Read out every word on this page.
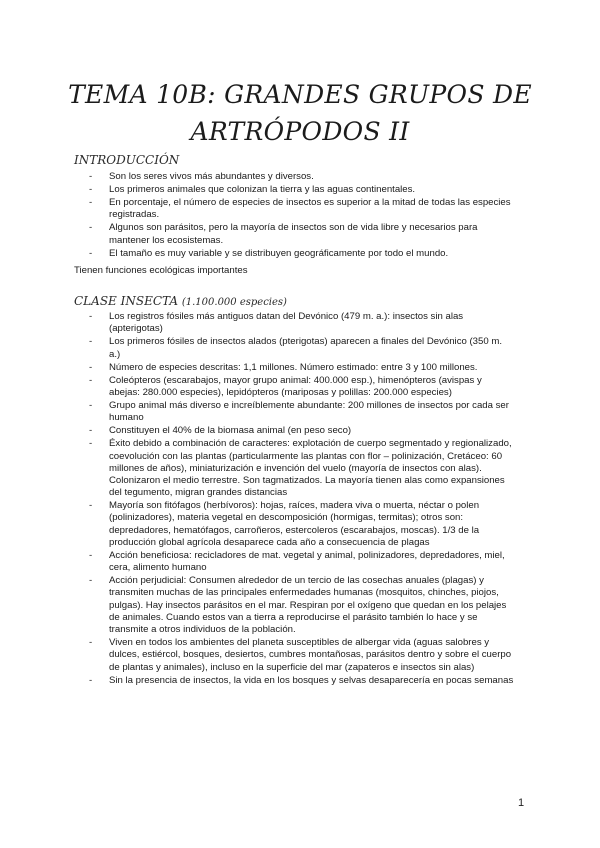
TEMA 10B: GRANDES GRUPOS DE
ARTRÓPODOS II
INTRODUCCIÓN
- Son los seres vivos más abundantes y diversos.
- Los primeros animales que colonizan la tierra y las aguas continentales.
- En porcentaje, el número de especies de insectos es superior a la mitad de todas las especies registradas.
- Algunos son parásitos, pero la mayoría de insectos son de vida libre y necesarios para mantener los ecosistemas.
- El tamaño es muy variable y se distribuyen geográficamente por todo el mundo.
Tienen funciones ecológicas importantes
CLASE INSECTA (1.100.000 especies)
- Los registros fósiles más antiguos datan del Devónico (479 m. a.): insectos sin alas (apterigotas)
- Los primeros fósiles de insectos alados (pterigotas) aparecen a finales del Devónico (350 m. a.)
- Número de especies descritas: 1,1 millones. Número estimado: entre 3 y 100 millones.
- Coleópteros (escarabajos, mayor grupo animal: 400.000 esp.), himenópteros (avispas y abejas: 280.000 especies), lepidópteros (mariposas y polillas: 200.000 especies)
- Grupo animal más diverso e increíblemente abundante: 200 millones de insectos por cada ser humano
- Constituyen el 40% de la biomasa animal (en peso seco)
- Éxito debido a combinación de caracteres: explotación de cuerpo segmentado y regionalizado, coevolución con las plantas (particularmente las plantas con flor – polinización, Cretáceo: 60 millones de años), miniaturización e invención del vuelo (mayoría de insectos con alas). Colonizaron el medio terrestre. Son tagmatizados. La mayoría tienen alas como expansiones del tegumento, migran grandes distancias
- Mayoría son fitófagos (herbívoros): hojas, raíces, madera viva o muerta, néctar o polen (polinizadores), materia vegetal en descomposición (hormigas, termitas); otros son: depredadores, hematófagos, carroñeros, estercoleros (escarabajos, moscas). 1/3 de la producción global agrícola desaparece cada año a consecuencia de plagas
- Acción beneficiosa: recicladores de mat. vegetal y animal, polinizadores, depredadores, miel, cera, alimento humano
- Acción perjudicial: Consumen alrededor de un tercio de las cosechas anuales (plagas) y transmiten muchas de las principales enfermedades humanas (mosquitos, chinches, piojos, pulgas). Hay insectos parásitos en el mar. Respiran por el oxígeno que quedan en los pelajes de animales. Cuando estos van a tierra a reproducirse el parásito también lo hace y se transmite a otros individuos de la población.
- Viven en todos los ambientes del planeta susceptibles de albergar vida (aguas salobres y dulces, estiércol, bosques, desiertos, cumbres montañosas, parásitos dentro y sobre el cuerpo de plantas y animales), incluso en la superficie del mar (zapateros e insectos sin alas)
- Sin la presencia de insectos, la vida en los bosques y selvas desaparecería en pocas semanas
1
